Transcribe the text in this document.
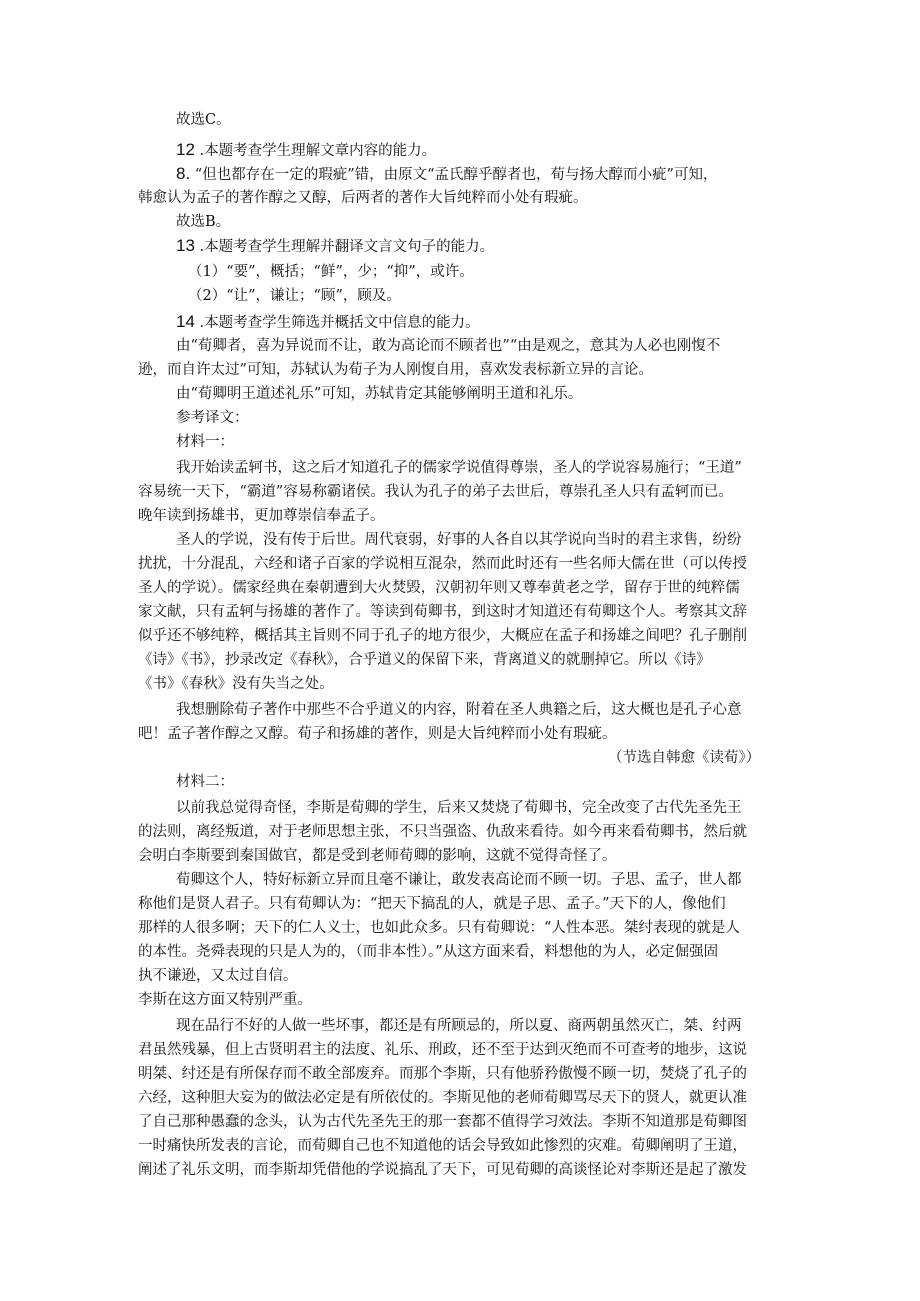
故选C。
12 .本题考查学生理解文章内容的能力。
8. “但也都存在一定的瑕疵”错，由原文“孟氏醇乎醇者也，荀与扬大醇而小疵”可知，
韩愈认为孟子的著作醇之又醇，后两者的著作大旨纯粹而小处有瑕疵。
故选B。
13 .本题考查学生理解并翻译文言文句子的能力。
（1）“要”，概括；“鲜”，少；“抑”，或许。
（2）“让”，谦让；“顾”，顾及。
14 .本题考查学生筛选并概括文中信息的能力。
由“荀卿者，喜为异说而不让，敢为高论而不顾者也”“由是观之，意其为人必也刚愎不
逊，而自许太过”可知，苏轼认为荀子为人刚愎自用，喜欢发表标新立异的言论。
由“荀卿明王道述礼乐”可知，苏轼肯定其能够阐明王道和礼乐。
参考译文：
材料一：
我开始读孟轲书，这之后才知道孔子的儒家学说值得尊崇，圣人的学说容易施行；“王道”
容易统一天下，“霸道”容易称霸诸侯。我认为孔子的弟子去世后，尊崇孔圣人只有孟轲而已。
晚年读到扬雄书，更加尊崇信奉孟子。
圣人的学说，没有传于后世。周代衰弱，好事的人各自以其学说向当时的君主求售，纷纷
扰扰，十分混乱，六经和诸子百家的学说相互混杂，然而此时还有一些名师大儒在世（可以传授
圣人的学说）。儒家经典在秦朝遭到大火焚毁，汉朝初年则又尊奉黄老之学，留存于世的纯粹儒
家文献，只有孟轲与扬雄的著作了。等读到荀卿书，到这时才知道还有荀卿这个人。考察其文辞
似乎还不够纯粹，概括其主旨则不同于孔子的地方很少，大概应在孟子和扬雄之间吧？孔子删削
《诗》《书》，抄录改定《春秋》，合乎道义的保留下来，背离道义的就删掉它。所以《诗》
《书》《春秋》没有失当之处。
我想删除荀子著作中那些不合乎道义的内容，附着在圣人典籍之后，这大概也是孔子心意
吧！孟子著作醇之又醇。荀子和扬雄的著作，则是大旨纯粹而小处有瑕疵。
（节选自韩愈《读荀》）
材料二：
以前我总觉得奇怪，李斯是荀卿的学生，后来又焚烧了荀卿书，完全改变了古代先圣先王
的法则，离经叛道，对于老师思想主张，不只当强盗、仇敌来看待。如今再来看荀卿书，然后就
会明白李斯要到秦国做官，都是受到老师荀卿的影响，这就不觉得奇怪了。
荀卿这个人，特好标新立异而且毫不谦让，敢发表高论而不顾一切。子思、孟子，世人都
称他们是贤人君子。只有荀卿认为：“把天下搞乱的人，就是子思、孟子。”天下的人，像他们
那样的人很多啊；天下的仁人义士，也如此众多。只有荀卿说：“人性本恶。桀纣表现的就是人
的本性。尧舜表现的只是人为的，（而非本性）。”从这方面来看，料想他的为人，必定倔强固
执不谦逊，又太过自信。
李斯在这方面又特别严重。
现在品行不好的人做一些坏事，都还是有所顾忌的，所以夏、商两朝虽然灭亡，桀、纣两
君虽然残暴，但上古贤明君主的法度、礼乐、刑政，还不至于达到灭绝而不可查考的地步，这说
明桀、纣还是有所保存而不敢全部废弃。而那个李斯，只有他骄矜傲慢不顾一切，焚烧了孔子的
六经，这种胆大妄为的做法必定是有所依仗的。李斯见他的老师荀卿骂尽天下的贤人，就更认准
了自己那种愚蠢的念头，认为古代先圣先王的那一套都不值得学习效法。李斯不知道那是荀卿图
一时痛快所发表的言论，而荀卿自己也不知道他的话会导致如此惨烈的灾难。荀卿阐明了王道，
阐述了礼乐文明，而李斯却凭借他的学说搞乱了天下，可见荀卿的高谈怪论对李斯还是起了激发
